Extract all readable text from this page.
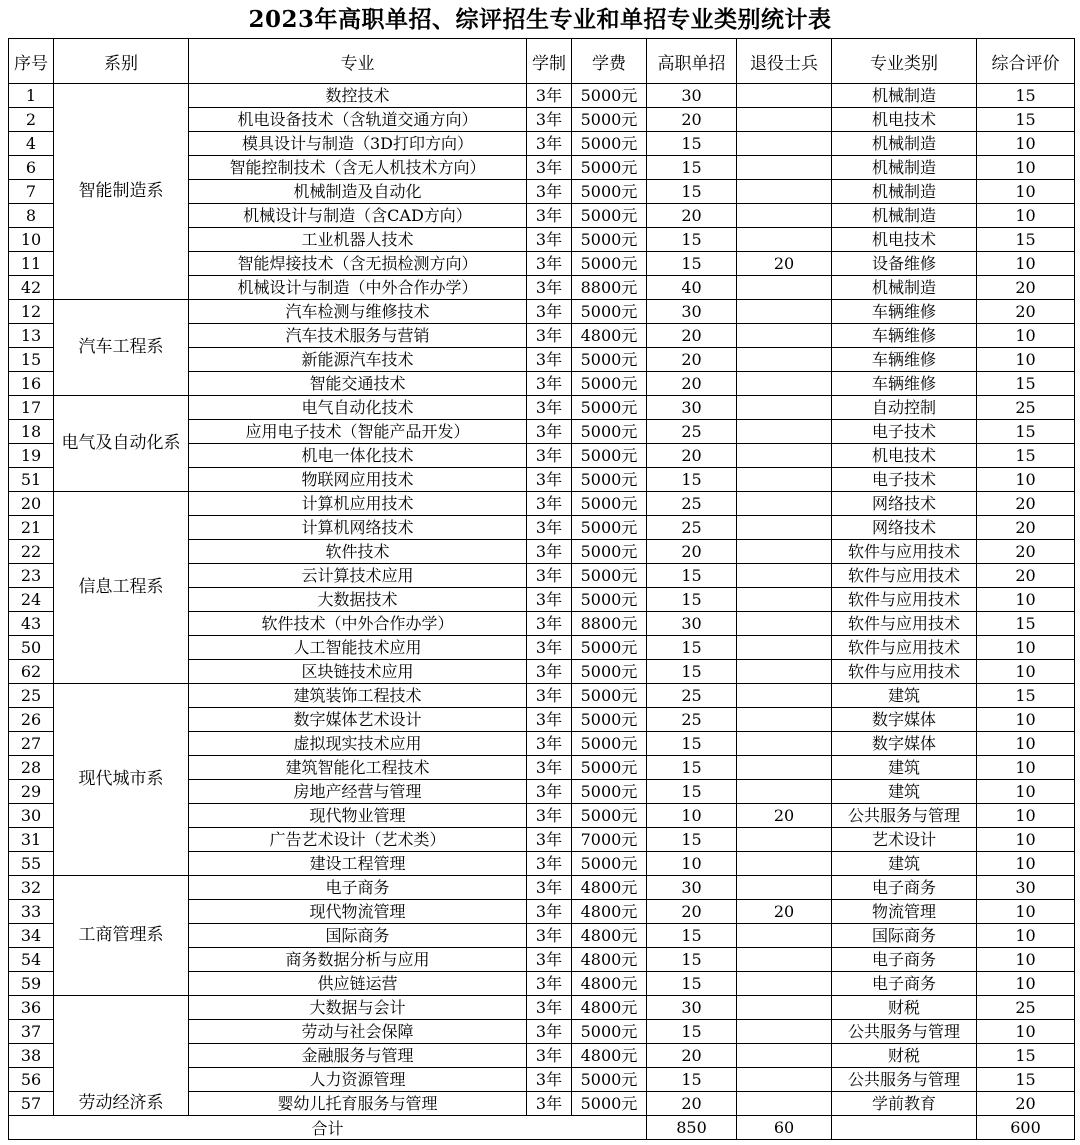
2023年高职单招、综评招生专业和单招专业类别统计表
序号	系别	专业	学制	学费	高职单招	退役士兵	专业类别	综合评价
1	智能制造系	数控技术	3年	5000元	30		机械制造	15
2		机电设备技术（含轨道交通方向）	3年	5000元	20		机电技术	15
4		模具设计与制造（3D打印方向）	3年	5000元	15		机械制造	10
6		智能控制技术（含无人机技术方向）	3年	5000元	15		机械制造	10
7		机械制造及自动化	3年	5000元	15		机械制造	10
8		机械设计与制造（含CAD方向）	3年	5000元	20		机械制造	10
10		工业机器人技术	3年	5000元	15		机电技术	15
11		智能焊接技术（含无损检测方向）	3年	5000元	15	20	设备维修	10
42		机械设计与制造（中外合作办学）	3年	8800元	40		机械制造	20
12	汽车工程系	汽车检测与维修技术	3年	5000元	30		车辆维修	20
13		汽车技术服务与营销	3年	4800元	20		车辆维修	10
15		新能源汽车技术	3年	5000元	20		车辆维修	10
16		智能交通技术	3年	5000元	20		车辆维修	15
17	电气及自动化系	电气自动化技术	3年	5000元	30		自动控制	25
18		应用电子技术（智能产品开发）	3年	5000元	25		电子技术	15
19		机电一体化技术	3年	5000元	20		机电技术	15
51		物联网应用技术	3年	5000元	15		电子技术	10
20	信息工程系	计算机应用技术	3年	5000元	25		网络技术	20
21		计算机网络技术	3年	5000元	25		网络技术	20
22		软件技术	3年	5000元	20		软件与应用技术	20
23		云计算技术应用	3年	5000元	15		软件与应用技术	20
24		大数据技术	3年	5000元	15		软件与应用技术	10
43		软件技术（中外合作办学）	3年	8800元	30		软件与应用技术	15
50		人工智能技术应用	3年	5000元	15		软件与应用技术	10
62		区块链技术应用	3年	5000元	15		软件与应用技术	10
25	现代城市系	建筑装饰工程技术	3年	5000元	25		建筑	15
26		数字媒体艺术设计	3年	5000元	25		数字媒体	10
27		虚拟现实技术应用	3年	5000元	15		数字媒体	10
28		建筑智能化工程技术	3年	5000元	15		建筑	10
29		房地产经营与管理	3年	5000元	15		建筑	10
30		现代物业管理	3年	5000元	10	20	公共服务与管理	10
31		广告艺术设计（艺术类）	3年	7000元	15		艺术设计	10
55		建设工程管理	3年	5000元	10		建筑	10
32	工商管理系	电子商务	3年	4800元	30		电子商务	30
33		现代物流管理	3年	4800元	20	20	物流管理	10
34		国际商务	3年	4800元	15		国际商务	10
54		商务数据分析与应用	3年	4800元	15		电子商务	10
59		供应链运营	3年	4800元	15		电子商务	10
36	劳动经济系	大数据与会计	3年	4800元	30		财税	25
37		劳动与社会保障	3年	5000元	15		公共服务与管理	10
38		金融服务与管理	3年	4800元	20		财税	15
56		人力资源管理	3年	5000元	15		公共服务与管理	15
57		婴幼儿托育服务与管理	3年	5000元	20		学前教育	20
合计					850	60		600
